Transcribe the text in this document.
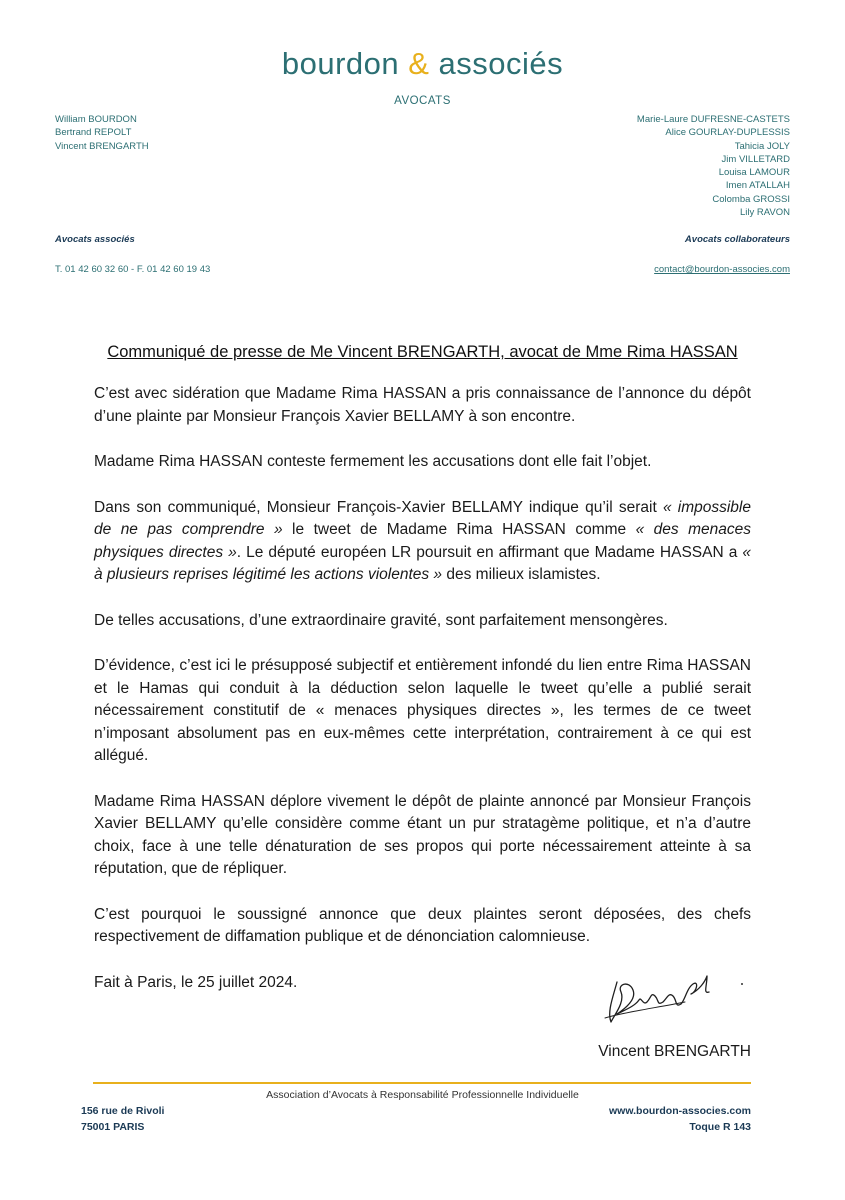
bourdon & associés
AVOCATS
William BOURDON
Bertrand REPOLT
Vincent BRENGARTH
Marie-Laure DUFRESNE-CASTETS
Alice GOURLAY-DUPLESSIS
Tahicia JOLY
Jim VILLETARD
Louisa LAMOUR
Imen ATALLAH
Colomba GROSSI
Lily RAVON
Avocats associés	Avocats collaborateurs
T. 01 42 60 32 60 - F. 01 42 60 19 43	contact@bourdon-associes.com
Communiqué de presse de Me Vincent BRENGARTH, avocat de Mme Rima HASSAN

C’est avec sidération que Madame Rima HASSAN a pris connaissance de l’annonce du dépôt d’une plainte par Monsieur François Xavier BELLAMY à son encontre.

Madame Rima HASSAN conteste fermement les accusations dont elle fait l’objet.

Dans son communiqué, Monsieur François-Xavier BELLAMY indique qu’il serait « impossible de ne pas comprendre » le tweet de Madame Rima HASSAN comme « des menaces physiques directes ». Le député européen LR poursuit en affirmant que Madame HASSAN a « à plusieurs reprises légitimé les actions violentes » des milieux islamistes.

De telles accusations, d’une extraordinaire gravité, sont parfaitement mensongères.

D’évidence, c’est ici le présupposé subjectif et entièrement infondé du lien entre Rima HASSAN et le Hamas qui conduit à la déduction selon laquelle le tweet qu’elle a publié serait nécessairement constitutif de « menaces physiques directes », les termes de ce tweet n’imposant absolument pas en eux-mêmes cette interprétation, contrairement à ce qui est allégué.

Madame Rima HASSAN déplore vivement le dépôt de plainte annoncé par Monsieur François Xavier BELLAMY qu’elle considère comme étant un pur stratagème politique, et n’a d’autre choix, face à une telle dénaturation de ses propos qui porte nécessairement atteinte à sa réputation, que de répliquer.

C’est pourquoi le soussigné annonce que deux plaintes seront déposées, des chefs respectivement de diffamation publique et de dénonciation calomnieuse.

Fait à Paris, le 25 juillet 2024.

Vincent BRENGARTH
Association d’Avocats à Responsabilité Professionnelle Individuelle
156 rue de Rivoli
75001 PARIS
www.bourdon-associes.com
Toque R 143
